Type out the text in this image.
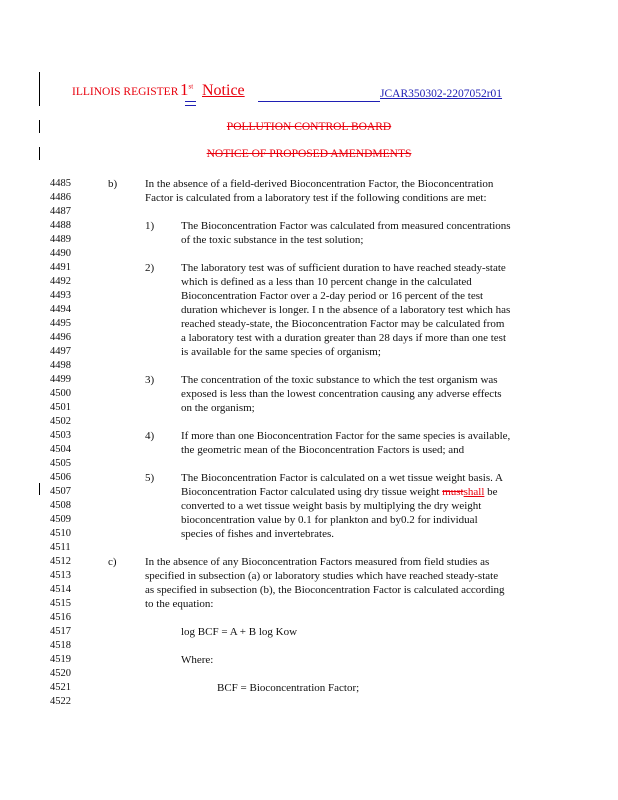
ILLINOIS REGISTER 1st Notice	JCAR350302-2207052r01
POLLUTION CONTROL BOARD
NOTICE OF PROPOSED AMENDMENTS
4485
4486
4487
4488
4489
4490
4491
4492
4493
4494
4495
4496
4497
4498
4499
4500
4501
4502
4503
4504
4505
4506
4507
4508
4509
4510
4511
4512
4513
4514
4515
4516
4517
4518
4519
4520
4521
4522
b)	In the absence of a field-derived Bioconcentration Factor, the Bioconcentration
Factor is calculated from a laboratory test if the following conditions are met:
1) The Bioconcentration Factor was calculated from measured concentrations
of the toxic substance in the test solution;
2) The laboratory test was of sufficient duration to have reached steady-state
which is defined as a less than 10 percent change in the calculated
Bioconcentration Factor over a 2-day period or 16 percent of the test
duration whichever is longer. I n the absence of a laboratory test which has
reached steady-state, the Bioconcentration Factor may be calculated from
a laboratory test with a duration greater than 28 days if more than one test
is available for the same species of organism;
3) The concentration of the toxic substance to which the test organism was
exposed is less than the lowest concentration causing any adverse effects
on the organism;
4) If more than one Bioconcentration Factor for the same species is available,
the geometric mean of the Bioconcentration Factors is used; and
5) The Bioconcentration Factor is calculated on a wet tissue weight basis. A
Bioconcentration Factor calculated using dry tissue weight mustshall be
converted to a wet tissue weight basis by multiplying the dry weight
bioconcentration value by 0.1 for plankton and by0.2 for individual
species of fishes and invertebrates.
c)	In the absence of any Bioconcentration Factors measured from field studies as
specified in subsection (a) or laboratory studies which have reached steady-state
as specified in subsection (b), the Bioconcentration Factor is calculated according
to the equation:
log BCF = A + B log Kow
Where:
BCF = Bioconcentration Factor;
